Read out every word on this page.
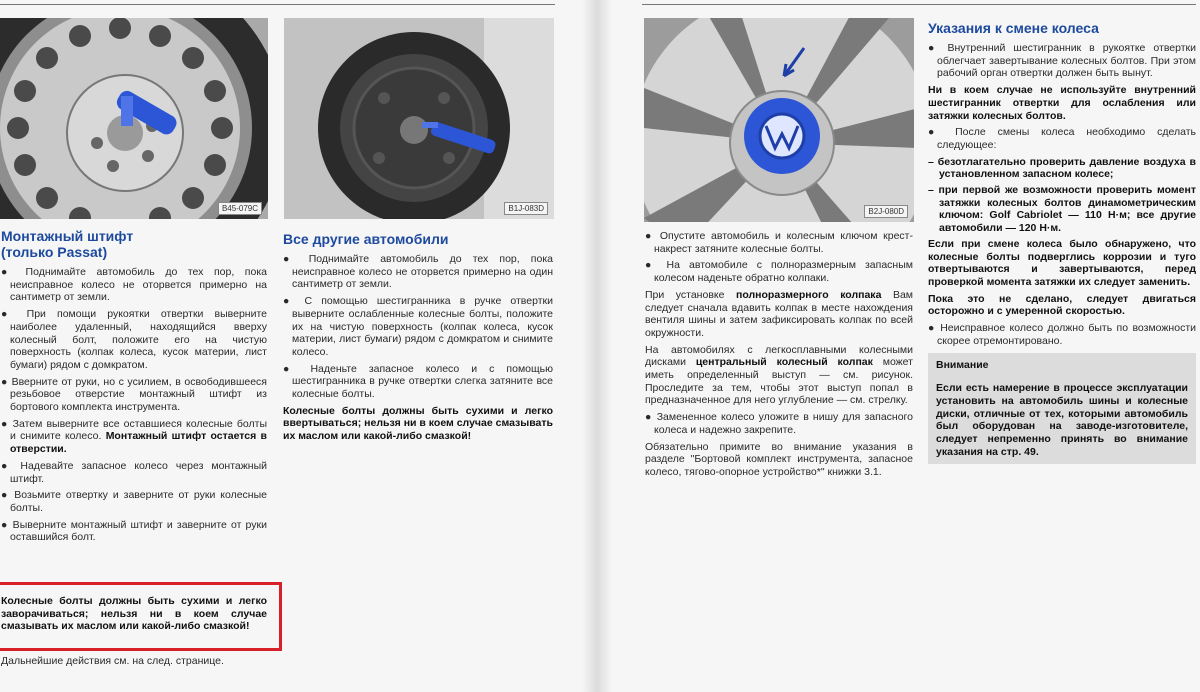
B45-079C	B1J-083D	B2J-080D
Монтажный штифт
(только Passat)

● Поднимайте автомобиль до тех пор, пока неисправное колесо не оторвется примерно на сантиметр от земли.

● При помощи рукоятки отвертки выверните наиболее удаленный, находящийся вверху колесный болт, положите его на чистую поверхность (колпак колеса, кусок материи, лист бумаги) рядом с домкратом.

● Вверните от руки, но с усилием, в освободившееся резьбовое отверстие монтажный штифт из бортового комплекта инструмента.

● Затем выверните все оставшиеся колесные болты и снимите колесо. Монтажный штифт остается в отверстии.

● Надевайте запасное колесо через монтажный штифт.

● Возьмите отвертку и заверните от руки колесные болты.

● Выверните монтажный штифт и заверните от руки оставшийся болт.

Колесные болты должны быть сухими и легко заворачиваться; нельзя ни в коем случае смазывать их маслом или какой-либо смазкой!
Дальнейшие действия см. на след. странице.
Все другие автомобили

● Поднимайте автомобиль до тех пор, пока неисправное колесо не оторвется примерно на один сантиметр от земли.

● С помощью шестигранника в ручке отвертки выверните ослабленные колесные болты, положите их на чистую поверхность (колпак колеса, кусок материи, лист бумаги) рядом с домкратом и снимите колесо.

● Наденьте запасное колесо и с помощью шестигранника в ручке отвертки слегка затяните все колесные болты.

Колесные болты должны быть сухими и легко ввертываться; нельзя ни в коем случае смазывать их маслом или какой-либо смазкой!

● Опустите автомобиль и колесным ключом крест-накрест затяните колесные болты.

● На автомобиле с полноразмерным запасным колесом наденьте обратно колпаки.

При установке полноразмерного колпака Вам следует сначала вдавить колпак в месте нахождения вентиля шины и затем зафиксировать колпак по всей окружности.

На автомобилях с легкосплавными колесными дисками центральный колесный колпак может иметь определенный выступ — см. рисунок. Проследите за тем, чтобы этот выступ попал в предназначенное для него углубление — см. стрелку.

● Замененное колесо уложите в нишу для запасного колеса и надежно закрепите.

Обязательно примите во внимание указания в разделе "Бортовой комплект инструмента, запасное колесо, тягово-опорное устройство*" книжки 3.1.

Указания к смене колеса

● Внутренний шестигранник в рукоятке отвертки облегчает завертывание колесных болтов. При этом рабочий орган отвертки должен быть вынут.

Ни в коем случае не используйте внутренний шестигранник отвертки для ослабления или затяжки колесных болтов.

● После смены колеса необходимо сделать следующее:

– безотлагательно проверить давление воздуха в установленном запасном колесе;

– при первой же возможности проверить момент затяжки колесных болтов динамометрическим ключом: Golf Cabriolet — 110 Н·м; все другие автомобили — 120 Н·м.

Если при смене колеса было обнаружено, что колесные болты подверглись коррозии и туго отвертываются и завертываются, перед проверкой момента затяжки их следует заменить.

Пока это не сделано, следует двигаться осторожно и с умеренной скоростью.

● Неисправное колесо должно быть по возможности скорее отремонтировано.

Внимание
Если есть намерение в процессе эксплуатации установить на автомобиль шины и колесные диски, отличные от тех, которыми автомобиль был оборудован на заводе-изготовителе, следует непременно принять во внимание указания на стр. 49.
